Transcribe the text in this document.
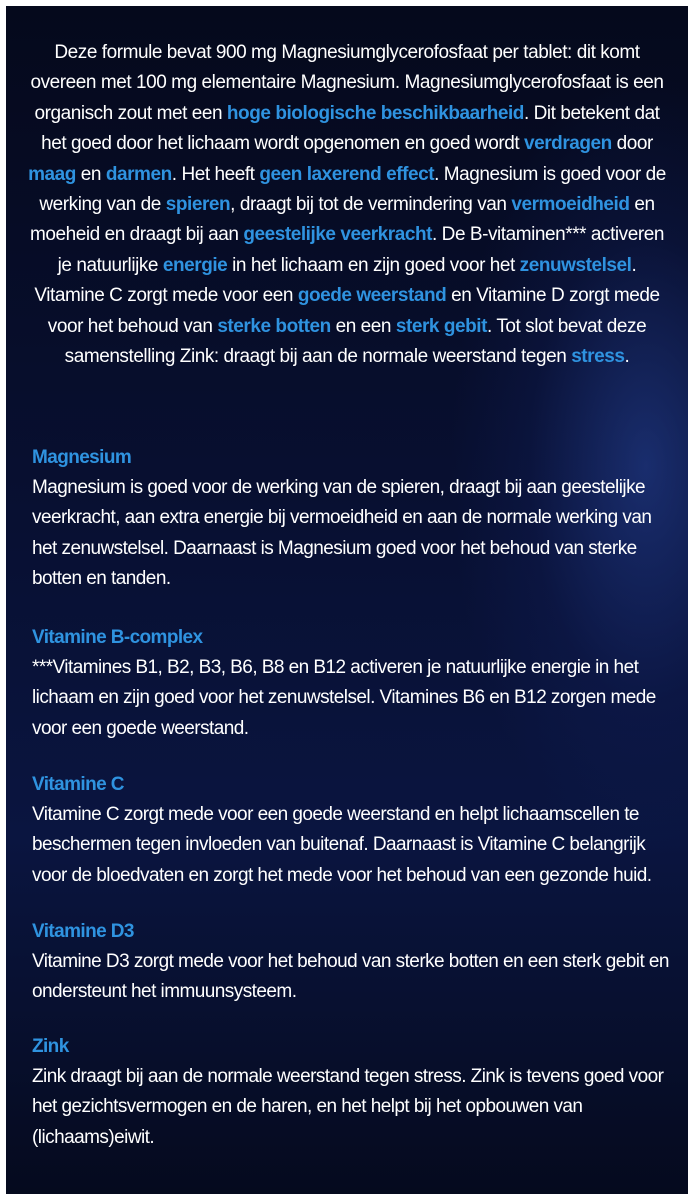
Deze formule bevat 900 mg Magnesiumglycerofosfaat per tablet: dit komt overeen met 100 mg elementaire Magnesium. Magnesiumglycerofosfaat is een organisch zout met een hoge biologische beschikbaarheid. Dit betekent dat het goed door het lichaam wordt opgenomen en goed wordt verdragen door maag en darmen. Het heeft geen laxerend effect. Magnesium is goed voor de werking van de spieren, draagt bij tot de vermindering van vermoeidheid en moeheid en draagt bij aan geestelijke veerkracht. De B-vitaminen*** activeren je natuurlijke energie in het lichaam en zijn goed voor het zenuwstelsel. Vitamine C zorgt mede voor een goede weerstand en Vitamine D zorgt mede voor het behoud van sterke botten en een sterk gebit. Tot slot bevat deze samenstelling Zink: draagt bij aan de normale weerstand tegen stress.

Magnesium

Magnesium is goed voor de werking van de spieren, draagt bij aan geestelijke veerkracht, aan extra energie bij vermoeidheid en aan de normale werking van het zenuwstelsel. Daarnaast is Magnesium goed voor het behoud van sterke botten en tanden.

Vitamine B-complex

***Vitamines B1, B2, B3, B6, B8 en B12 activeren je natuurlijke energie in het lichaam en zijn goed voor het zenuwstelsel. Vitamines B6 en B12 zorgen mede voor een goede weerstand.

Vitamine C

Vitamine C zorgt mede voor een goede weerstand en helpt lichaamscellen te beschermen tegen invloeden van buitenaf. Daarnaast is Vitamine C belangrijk voor de bloedvaten en zorgt het mede voor het behoud van een gezonde huid.

Vitamine D3

Vitamine D3 zorgt mede voor het behoud van sterke botten en een sterk gebit en ondersteunt het immuunsysteem.

Zink

Zink draagt bij aan de normale weerstand tegen stress. Zink is tevens goed voor het gezichtsvermogen en de haren, en het helpt bij het opbouwen van (lichaams)eiwit.
